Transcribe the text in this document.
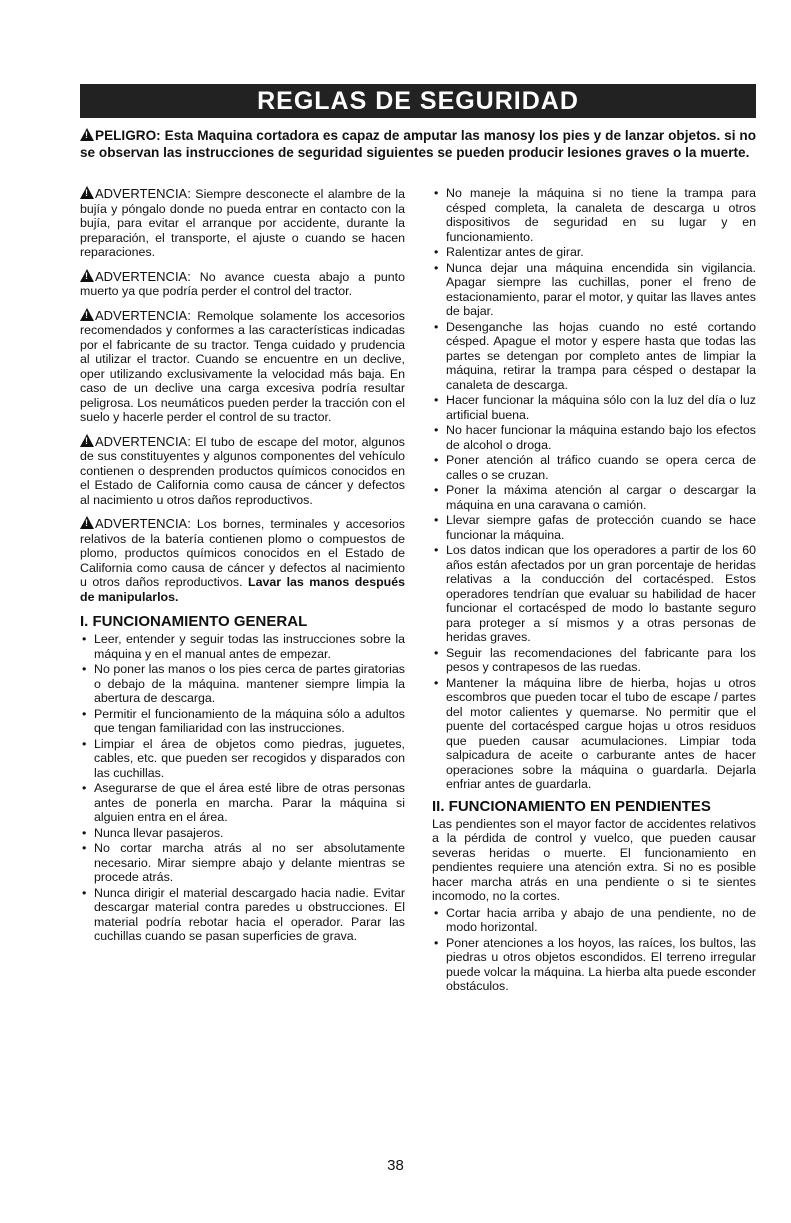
REGLAS DE SEGURIDAD
!PELIGRO: Esta Maquina cortadora es capaz de amputar las manosy los pies y de lanzar objetos. si no se observan las instrucciones de seguridad siguientes se pueden producir lesiones graves o la muerte.

!ADVERTENCIA: Siempre desconecte el alambre de la bujía y póngalo donde no pueda entrar en contacto con la bujía, para evitar el arranque por accidente, durante la preparación, el transporte, el ajuste o cuando se hacen reparaciones.

!ADVERTENCIA: No avance cuesta abajo a punto muerto ya que podría perder el control del tractor.

!ADVERTENCIA: Remolque solamente los accesorios recomendados y conformes a las características indicadas por el fabricante de su tractor. Tenga cuidado y prudencia al utilizar el tractor. Cuando se encuentre en un declive, oper utilizando exclusivamente la velocidad más baja. En caso de un declive una carga excesiva podría resultar peligrosa. Los neumáticos pueden perder la tracción con el suelo y hacerle perder el control de su tractor.

!ADVERTENCIA: El tubo de escape del motor, algunos de sus constituyentes y algunos componentes del vehículo contienen o desprenden productos químicos conocidos en el Estado de California como causa de cáncer y defectos al nacimiento u otros daños reproductivos.

!ADVERTENCIA: Los bornes, terminales y accesorios relativos de la batería contienen plomo o compuestos de plomo, productos químicos conocidos en el Estado de California como causa de cáncer y defectos al nacimiento u otros daños reproductivos. Lavar las manos después de manipularlos.

I. FUNCIONAMIENTO GENERAL
• Leer, entender y seguir todas las instrucciones sobre la máquina y en el manual antes de empezar.
• No poner las manos o los pies cerca de partes giratorias o debajo de la máquina. mantener siempre limpia la abertura de descarga.
• Permitir el funcionamiento de la máquina sólo a adultos que tengan familiaridad con las instrucciones.
• Limpiar el área de objetos como piedras, juguetes, cables, etc. que pueden ser recogidos y disparados con las cuchillas.
• Asegurarse de que el área esté libre de otras personas antes de ponerla en marcha. Parar la máquina si alguien entra en el área.
• Nunca llevar pasajeros.
• No cortar marcha atrás al no ser absolutamente necesario. Mirar siempre abajo y delante mientras se procede atrás.
• Nunca dirigir el material descargado hacia nadie. Evitar descargar material contra paredes u obstrucciones. El material podría rebotar hacia el operador. Parar las cuchillas cuando se pasan superficies de grava.
• No maneje la máquina si no tiene la trampa para césped completa, la canaleta de descarga u otros dispositivos de seguridad en su lugar y en funcionamiento.
• Ralentizar antes de girar.
• Nunca dejar una máquina encendida sin vigilancia. Apagar siempre las cuchillas, poner el freno de estacionamiento, parar el motor, y quitar las llaves antes de bajar.
• Desenganche las hojas cuando no esté cortando césped. Apague el motor y espere hasta que todas las partes se detengan por completo antes de limpiar la máquina, retirar la trampa para césped o destapar la canaleta de descarga.
• Hacer funcionar la máquina sólo con la luz del día o luz artificial buena.
• No hacer funcionar la máquina estando bajo los efectos de alcohol o droga.
• Poner atención al tráfico cuando se opera cerca de calles o se cruzan.
• Poner la máxima atención al cargar o descargar la máquina en una caravana o camión.
• Llevar siempre gafas de protección cuando se hace funcionar la máquina.
• Los datos indican que los operadores a partir de los 60 años están afectados por un gran porcentaje de heridas relativas a la conducción del cortacésped. Estos operadores tendrían que evaluar su habilidad de hacer funcionar el cortacésped de modo lo bastante seguro para proteger a sí mismos y a otras personas de heridas graves.
• Seguir las recomendaciones del fabricante para los pesos y contrapesos de las ruedas.
• Mantener la máquina libre de hierba, hojas u otros escombros que pueden tocar el tubo de escape / partes del motor calientes y quemarse. No permitir que el puente del cortacésped cargue hojas u otros residuos que pueden causar acumulaciones. Limpiar toda salpicadura de aceite o carburante antes de hacer operaciones sobre la máquina o guardarla. Dejarla enfriar antes de guardarla.
II. FUNCIONAMIENTO EN PENDIENTES

Las pendientes son el mayor factor de accidentes relativos a la pérdida de control y vuelco, que pueden causar severas heridas o muerte. El funcionamiento en pendientes requiere una atención extra. Si no es posible hacer marcha atrás en una pendiente o si te sientes incomodo, no la cortes.

• Cortar hacia arriba y abajo de una pendiente, no de modo horizontal.
• Poner atenciones a los hoyos, las raíces, los bultos, las piedras u otros objetos escondidos. El terreno irregular puede volcar la máquina. La hierba alta puede esconder obstáculos.
38
